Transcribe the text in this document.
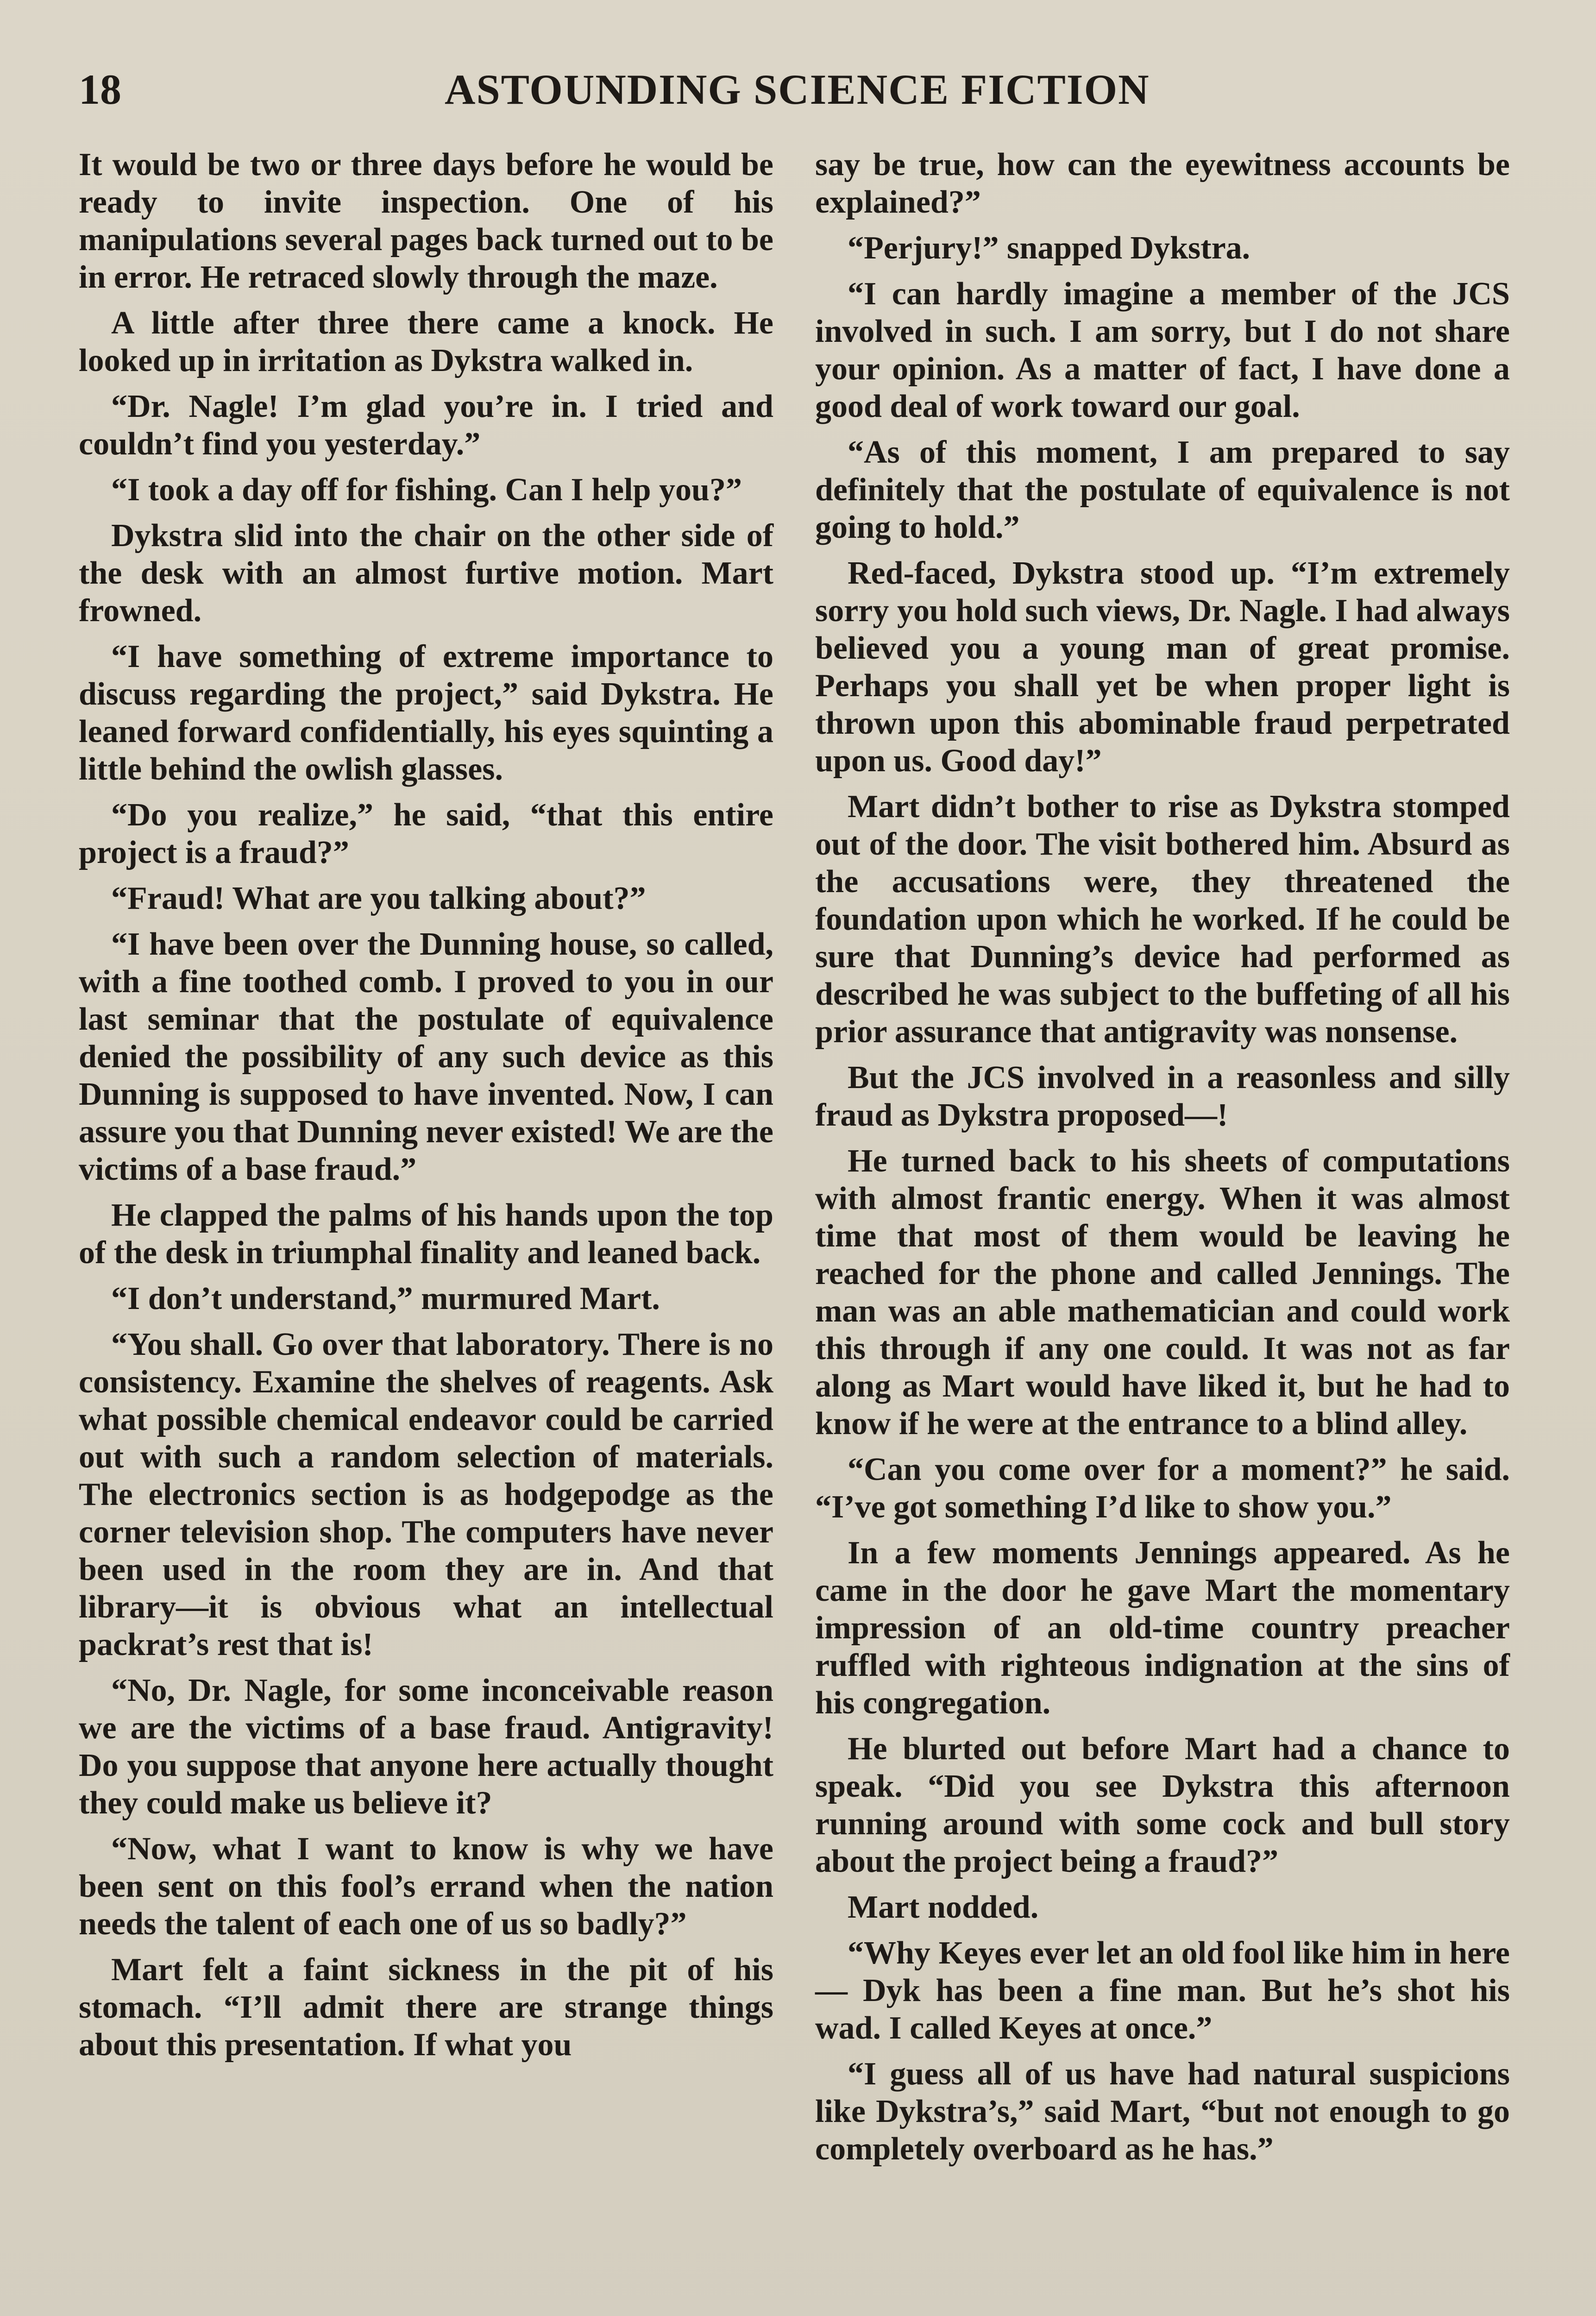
18	ASTOUNDING SCIENCE FICTION

It would be two or three days before he would be ready to invite inspection. One of his manipulations several pages back turned out to be in error. He retraced slowly through the maze.

A little after three there came a knock. He looked up in irritation as Dykstra walked in.

“Dr. Nagle! I’m glad you’re in. I tried and couldn’t find you yesterday.”

“I took a day off for fishing. Can I help you?”

Dykstra slid into the chair on the other side of the desk with an almost furtive motion. Mart frowned.

“I have something of extreme importance to discuss regarding the project,” said Dykstra. He leaned forward confidentially, his eyes squinting a little behind the owlish glasses.

“Do you realize,” he said, “that this entire project is a fraud?”

“Fraud! What are you talking about?”

“I have been over the Dunning house, so called, with a fine toothed comb. I proved to you in our last seminar that the postulate of equivalence denied the possibility of any such device as this Dunning is supposed to have invented. Now, I can assure you that Dunning never existed! We are the victims of a base fraud.”

He clapped the palms of his hands upon the top of the desk in triumphal finality and leaned back.

“I don’t understand,” murmured Mart.

“You shall. Go over that laboratory. There is no consistency. Examine the shelves of reagents. Ask what possible chemical endeavor could be carried out with such a random selection of materials. The electronics section is as hodgepodge as the corner television shop. The computers have never been used in the room they are in. And that library—it is obvious what an intellectual packrat’s rest that is!

“No, Dr. Nagle, for some inconceivable reason we are the victims of a base fraud. Antigravity! Do you suppose that anyone here actually thought they could make us believe it?

“Now, what I want to know is why we have been sent on this fool’s errand when the nation needs the talent of each one of us so badly?”

Mart felt a faint sickness in the pit of his stomach. “I’ll admit there are strange things about this presentation. If what you

say be true, how can the eyewitness accounts be explained?”

“Perjury!” snapped Dykstra.

“I can hardly imagine a member of the JCS involved in such. I am sorry, but I do not share your opinion. As a matter of fact, I have done a good deal of work toward our goal.

“As of this moment, I am prepared to say definitely that the postulate of equivalence is not going to hold.”

Red-faced, Dykstra stood up. “I’m extremely sorry you hold such views, Dr. Nagle. I had always believed you a young man of great promise. Perhaps you shall yet be when proper light is thrown upon this abominable fraud perpetrated upon us. Good day!”

Mart didn’t bother to rise as Dykstra stomped out of the door. The visit bothered him. Absurd as the accusations were, they threatened the foundation upon which he worked. If he could be sure that Dunning’s device had performed as described he was subject to the buffeting of all his prior assurance that antigravity was nonsense.

But the JCS involved in a reasonless and silly fraud as Dykstra proposed—!

He turned back to his sheets of computations with almost frantic energy. When it was almost time that most of them would be leaving he reached for the phone and called Jennings. The man was an able mathematician and could work this through if any one could. It was not as far along as Mart would have liked it, but he had to know if he were at the entrance to a blind alley.

“Can you come over for a moment?” he said. “I’ve got something I’d like to show you.”

In a few moments Jennings appeared. As he came in the door he gave Mart the momentary impression of an old-time country preacher ruffled with righteous indignation at the sins of his congregation.

He blurted out before Mart had a chance to speak. “Did you see Dykstra this afternoon running around with some cock and bull story about the project being a fraud?”

Mart nodded.

“Why Keyes ever let an old fool like him in here— Dyk has been a fine man. But he’s shot his wad. I called Keyes at once.”

“I guess all of us have had natural suspicions like Dykstra’s,” said Mart, “but not enough to go completely overboard as he has.”
